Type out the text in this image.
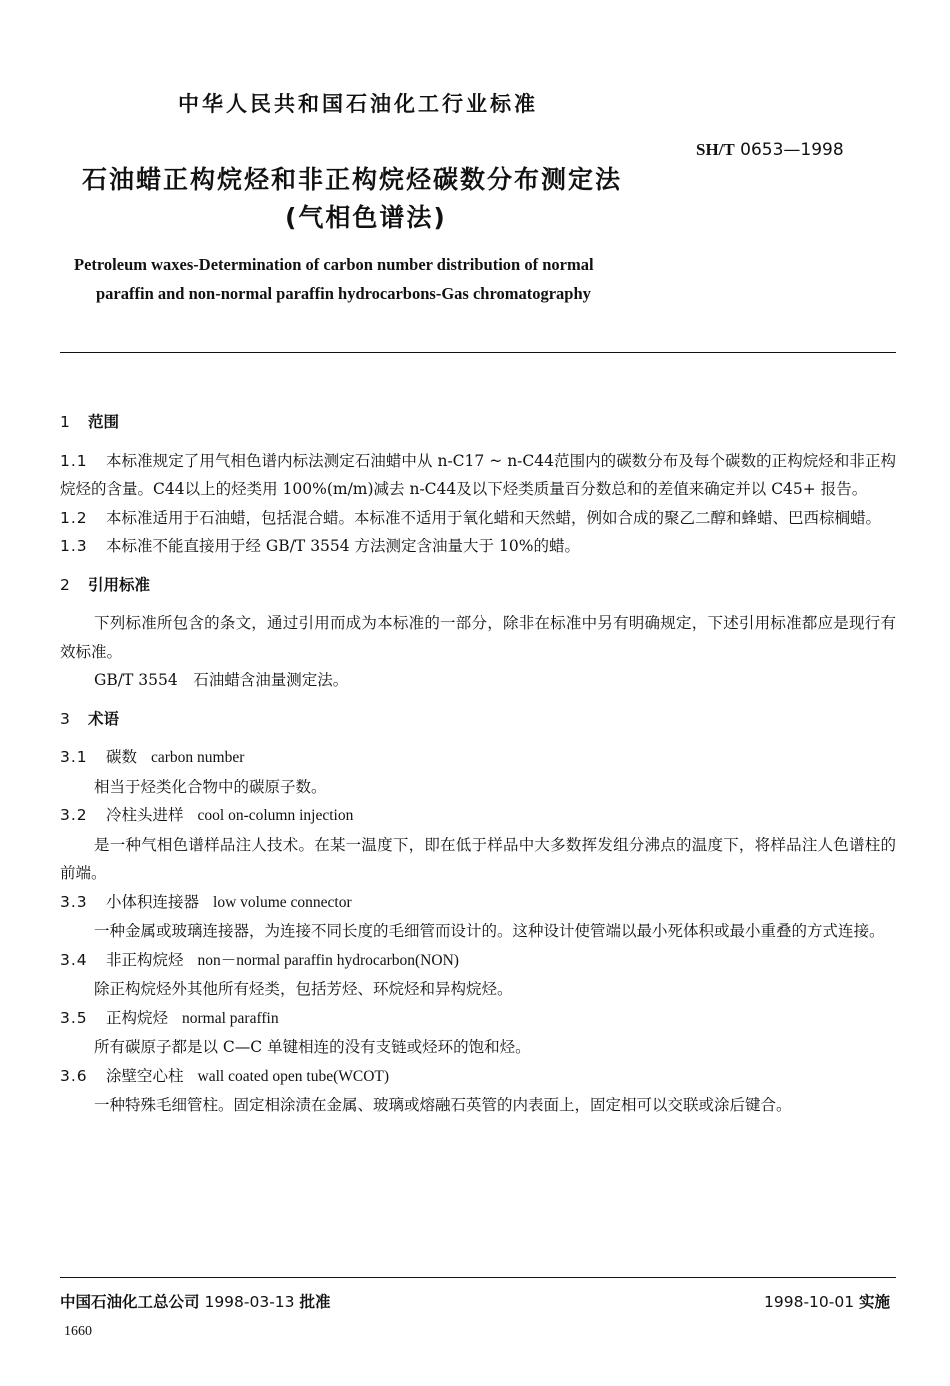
中华人民共和国石油化工行业标准
SH/T 0653—1998
石油蜡正构烷烃和非正构烷烃碳数分布测定法
(气相色谱法)
Petroleum waxes-Determination of carbon number distribution of normal
paraffin and non-normal paraffin hydrocarbons-Gas chromatography
1 范围
1.1 本标准规定了用气相色谱内标法测定石油蜡中从 n-C17 ~ n-C44范围内的碳数分布及每个碳数的正构烷烃和非正构烷烃的含量。C44以上的烃类用 100%(m/m)减去 n-C44及以下烃类质量百分数总和的差值来确定并以 C45+ 报告。
1.2 本标准适用于石油蜡，包括混合蜡。本标准不适用于氧化蜡和天然蜡，例如合成的聚乙二醇和蜂蜡、巴西棕榈蜡。
1.3 本标准不能直接用于经 GB/T 3554 方法测定含油量大于 10%的蜡。
2 引用标准
下列标准所包含的条文，通过引用而成为本标准的一部分，除非在标准中另有明确规定，下述引用标准都应是现行有效标准。
GB/T 3554　石油蜡含油量测定法。
3 术语
3.1 碳数 carbon number
相当于烃类化合物中的碳原子数。
3.2 冷柱头进样 cool on-column injection
是一种气相色谱样品注人技术。在某一温度下，即在低于样品中大多数挥发组分沸点的温度下，将样品注人色谱柱的前端。
3.3 小体积连接器 low volume connector
一种金属或玻璃连接器，为连接不同长度的毛细管而设计的。这种设计使管端以最小死体积或最小重叠的方式连接。
3.4 非正构烷烃 non－normal paraffin hydrocarbon(NON)
除正构烷烃外其他所有烃类，包括芳烃、环烷烃和异构烷烃。
3.5 正构烷烃 normal paraffin
所有碳原子都是以 C—C 单键相连的没有支链或烃环的饱和烃。
3.6 涂壁空心柱 wall coated open tube(WCOT)
一种特殊毛细管柱。固定相涂渍在金属、玻璃或熔融石英管的内表面上，固定相可以交联或涂后键合。
中国石油化工总公司 1998-03-13 批准	1998-10-01 实施
1660
